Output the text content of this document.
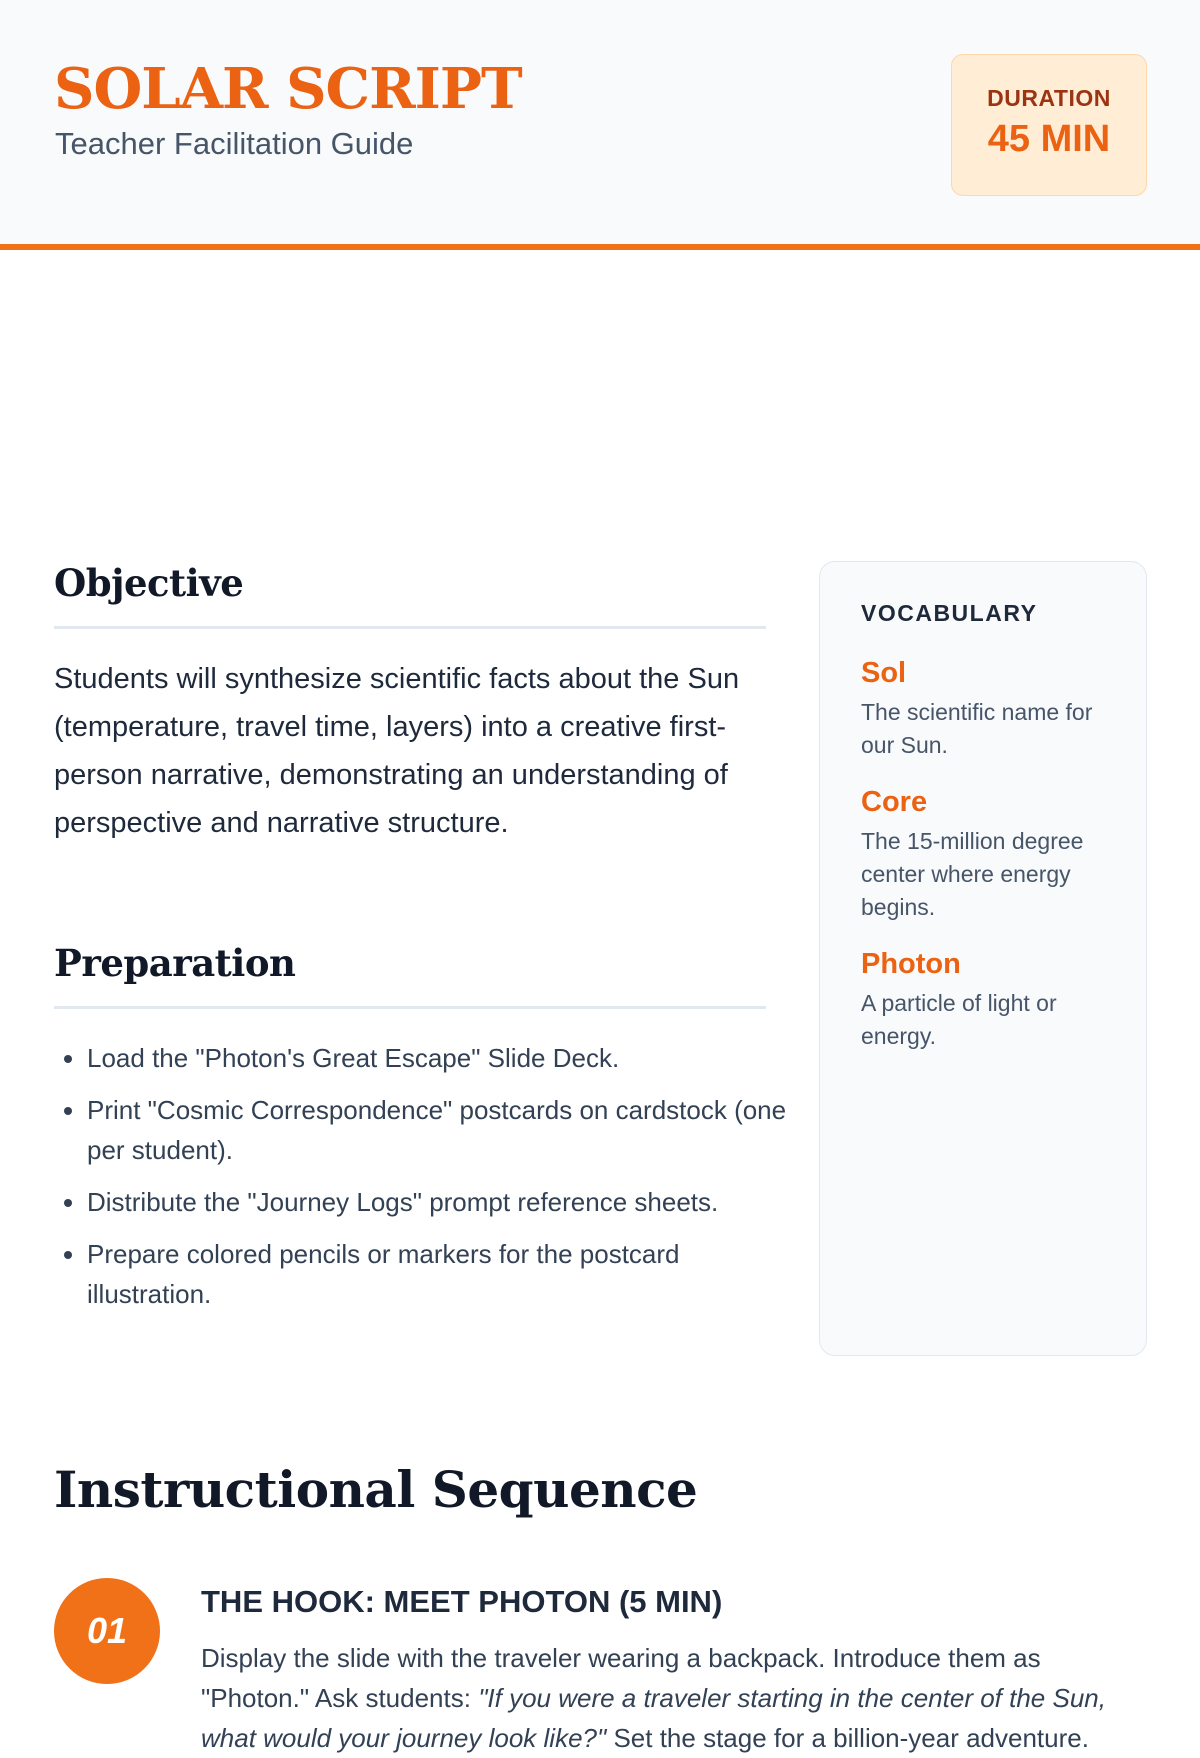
SOLAR SCRIPT
Teacher Facilitation Guide
DURATION
45 MIN
Objective

Students will synthesize scientific facts about the Sun (temperature, travel time, layers) into a creative first-person narrative, demonstrating an understanding of perspective and narrative structure.

Preparation
• Load the "Photon's Great Escape" Slide Deck.
• Print "Cosmic Correspondence" postcards on cardstock (one per student).
• Distribute the "Journey Logs" prompt reference sheets.
• Prepare colored pencils or markers for the postcard illustration.
VOCABULARY
Sol
The scientific name for our Sun.
Core
The 15-million degree center where energy begins.
Photon
A particle of light or energy.
Instructional Sequence
01
THE HOOK: MEET PHOTON (5 MIN)

Display the slide with the traveler wearing a backpack. Introduce them as "Photon." Ask students: "If you were a traveler starting in the center of the Sun, what would your journey look like?" Set the stage for a billion-year adventure.
